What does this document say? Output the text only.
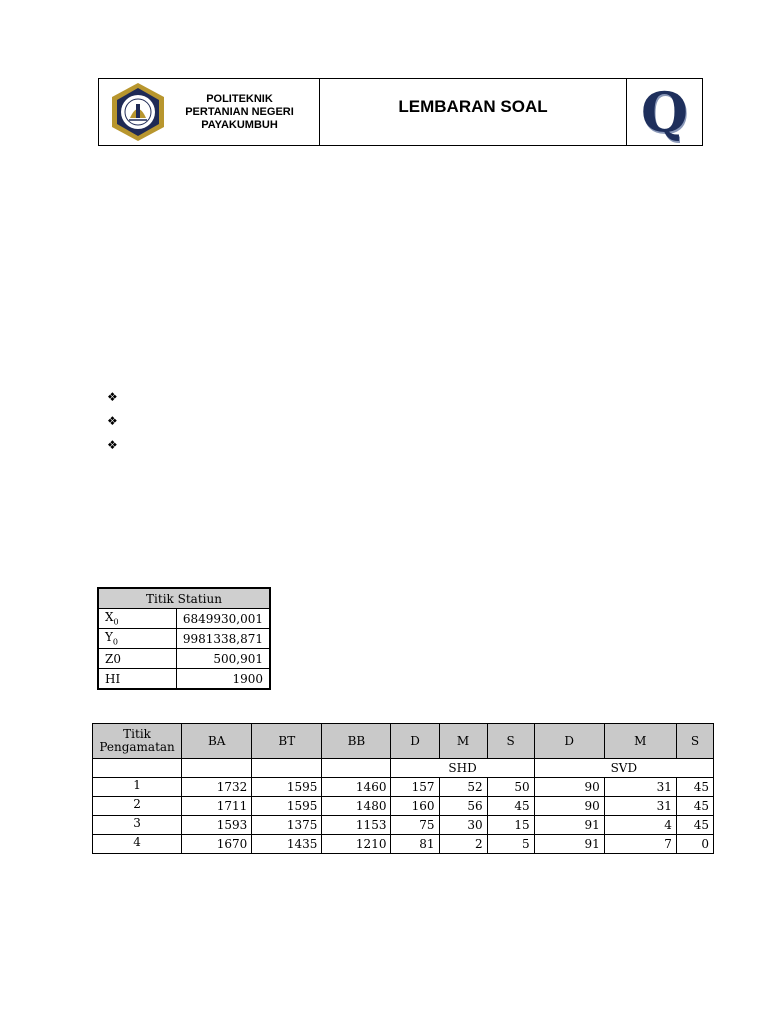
POLITEKNIK
PERTANIAN NEGERI
PAYAKUMBUH
LEMBARAN SOAL	Q
❖
❖
❖
Titik Statiun	
$X_0$	6849930,001
$Y_0$	9981338,871
Z0	500,901
HI	1900
Titik Pengamatan	BA	BT	BB	D	M	S	D	M	S
				SHD			SVD		
1	1732	1595	1460	157	52	50	90	31	45
2	1711	1595	1480	160	56	45	90	31	45
3	1593	1375	1153	75	30	15	91	4	45
4	1670	1435	1210	81	2	5	91	7	0
